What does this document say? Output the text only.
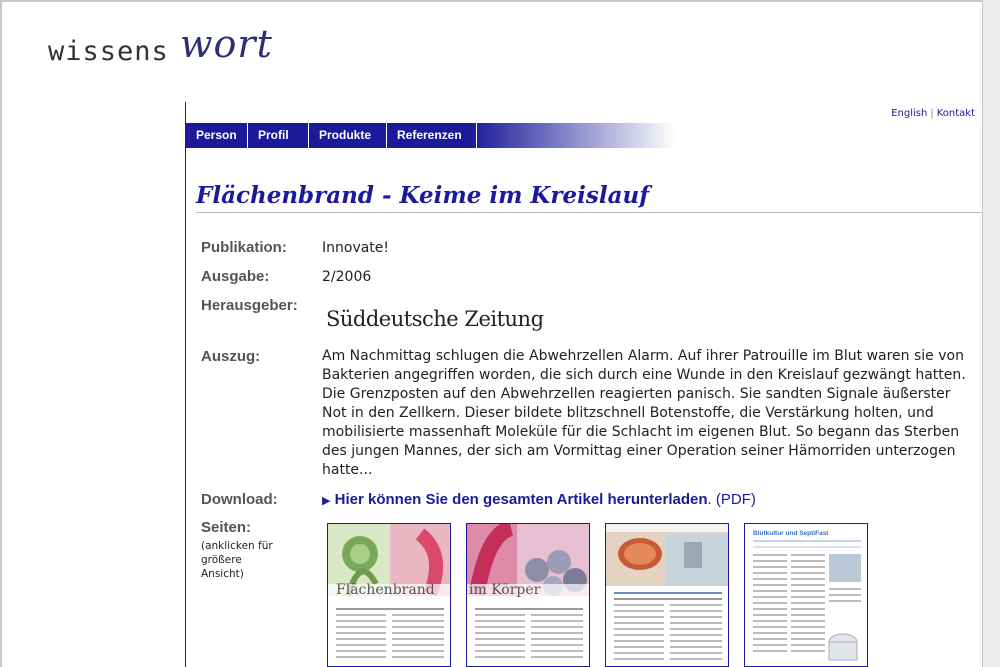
wissens wort
English | Kontakt
Person	Profil	Produkte	Referenzen
Flächenbrand - Keime im Kreislauf
Publikation:	Innovate!
Ausgabe:	2/2006
Herausgeber:
Süddeutsche Zeitung
Auszug:	Am Nachmittag schlugen die Abwehrzellen Alarm. Auf ihrer Patrouille im Blut waren sie von Bakterien angegriffen worden, die sich durch eine Wunde in den Kreislauf gezwängt hatten. Die Grenzposten auf den Abwehrzellen reagierten panisch. Sie sandten Signale äußerster Not in den Zellkern. Dieser bildete blitzschnell Botenstoffe, die Verstärkung holten, und mobilisierte massenhaft Moleküle für die Schlacht im eigenen Blut. So begann das Sterben des jungen Mannes, der sich am Vormittag einer Operation seiner Hämorriden unterzogen hatte...
Download:	▶ Hier können Sie den gesamten Artikel herunterladen. (PDF)
Seiten:
(anklicken für größere Ansicht)
Flächenbrand im Körper
Blutkultur und SeptiFast
